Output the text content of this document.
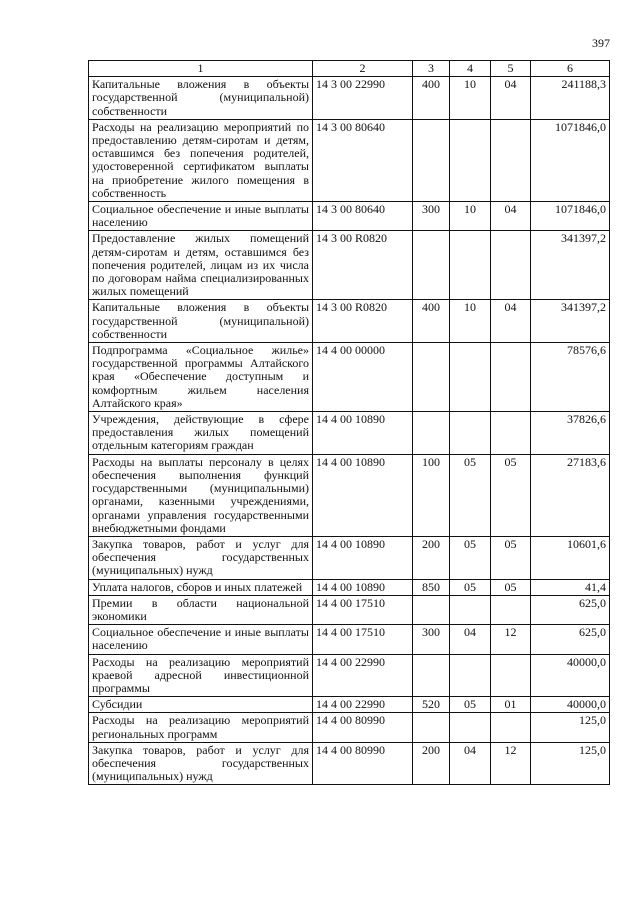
397
1	2	3	4	5	6
Капитальные вложения в объекты государственной (муниципальной) собственности	14 3 00 22990	400	10	04	241188,3
Расходы на реализацию мероприятий по предоставлению детям-сиротам и детям, оставшимся без попечения родителей, удостоверенной сертификатом выплаты на приобретение жилого помещения в собственность	14 3 00 80640				1071846,0
Социальное обеспечение и иные выплаты населению	14 3 00 80640	300	10	04	1071846,0
Предоставление жилых помещений детям-сиротам и детям, оставшимся без попечения родителей, лицам из их числа по договорам найма специализированных жилых помещений	14 3 00 R0820				341397,2
Капитальные вложения в объекты государственной (муниципальной) собственности	14 3 00 R0820	400	10	04	341397,2
Подпрограмма «Социальное жилье» государственной программы Алтайского края «Обеспечение доступным и комфортным жильем населения Алтайского края»	14 4 00 00000				78576,6
Учреждения, действующие в сфере предоставления жилых помещений отдельным категориям граждан	14 4 00 10890				37826,6
Расходы на выплаты персоналу в целях обеспечения выполнения функций государственными (муниципальными) органами, казенными учреждениями, органами управления государственными внебюджетными фондами	14 4 00 10890	100	05	05	27183,6
Закупка товаров, работ и услуг для обеспечения государственных (муниципальных) нужд	14 4 00 10890	200	05	05	10601,6
Уплата налогов, сборов и иных платежей	14 4 00 10890	850	05	05	41,4
Премии в области национальной экономики	14 4 00 17510				625,0
Социальное обеспечение и иные выплаты населению	14 4 00 17510	300	04	12	625,0
Расходы на реализацию мероприятий краевой адресной инвестиционной программы	14 4 00 22990				40000,0
Субсидии	14 4 00 22990	520	05	01	40000,0
Расходы на реализацию мероприятий региональных программ	14 4 00 80990				125,0
Закупка товаров, работ и услуг для обеспечения государственных (муниципальных) нужд	14 4 00 80990	200	04	12	125,0
